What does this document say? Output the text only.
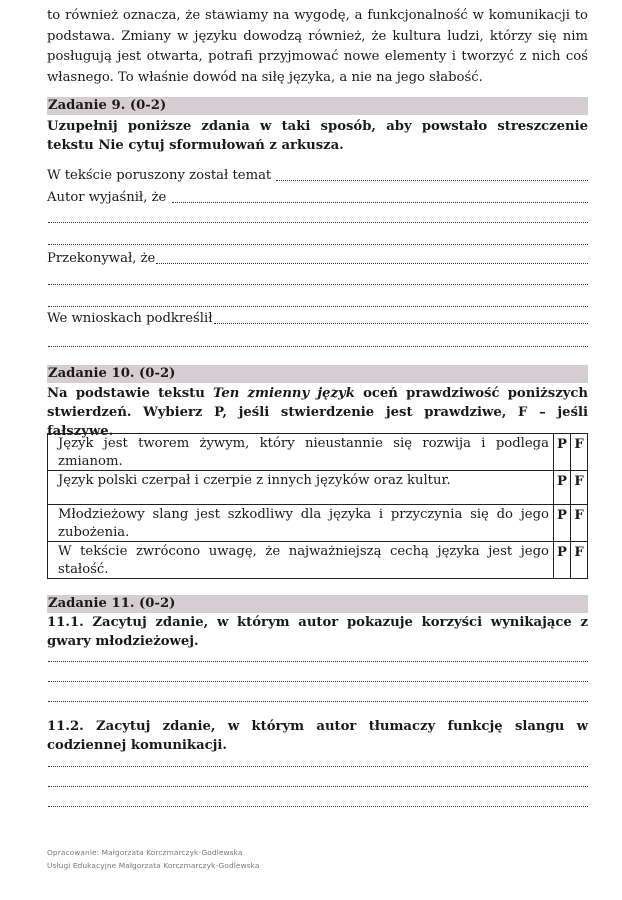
to również oznacza, że stawiamy na wygodę, a funkcjonalność w komunikacji to podstawa. Zmiany w języku dowodzą również, że kultura ludzi, którzy się nim posługują jest otwarta, potrafi przyjmować nowe elementy i tworzyć z nich coś własnego. To właśnie dowód na siłę języka, a nie na jego słabość.

Zadanie 9. (0-2)
Uzupełnij poniższe zdania w taki sposób, aby powstało streszczenie tekstu Nie cytuj sformułowań z arkusza.
W tekście poruszony został temat
Autor wyjaśnił, że
Przekonywał, że
We wnioskach podkreślił
Zadanie 10. (0-2)
Na podstawie tekstu Ten zmienny język oceń prawdziwość poniższych stwierdzeń. Wybierz P, jeśli stwierdzenie jest prawdziwe, F – jeśli fałszywe.
Język jest tworem żywym, który nieustannie się rozwija i podlega zmianom.	P	F
Język polski czerpał i czerpie z innych języków oraz kultur.	P	F
Młodzieżowy slang jest szkodliwy dla języka i przyczynia się do jego zubożenia.	P	F
W tekście zwrócono uwagę, że najważniejszą cechą języka jest jego stałość.	P	F
Zadanie 11. (0-2)
11.1. Zacytuj zdanie, w którym autor pokazuje korzyści wynikające z gwary młodzieżowej.
11.2. Zacytuj zdanie, w którym autor tłumaczy funkcję slangu w codziennej komunikacji.
Opracowanie: Małgorzata Korczmarczyk-Godlewska
Usługi Edukacyjne Małgorzata Korczmarczyk-Godlewska
